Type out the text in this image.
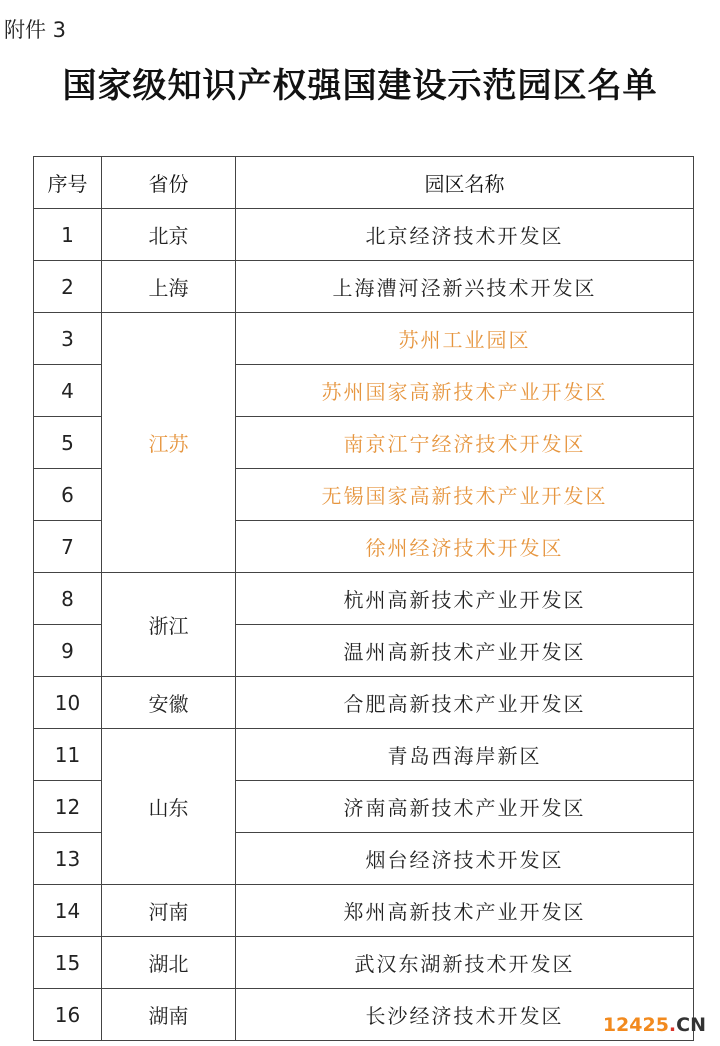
附件 3
国家级知识产权强国建设示范园区名单
序号	省份	园区名称
1	北京	北京经济技术开发区
2	上海	上海漕河泾新兴技术开发区
3	江苏	苏州工业园区
4		苏州国家高新技术产业开发区
5		南京江宁经济技术开发区
6		无锡国家高新技术产业开发区
7		徐州经济技术开发区
8	浙江	杭州高新技术产业开发区
9		温州高新技术产业开发区
10	安徽	合肥高新技术产业开发区
11	山东	青岛西海岸新区
12		济南高新技术产业开发区
13		烟台经济技术开发区
14	河南	郑州高新技术产业开发区
15	湖北	武汉东湖新技术开发区
16	湖南	长沙经济技术开发区 12425.CN
